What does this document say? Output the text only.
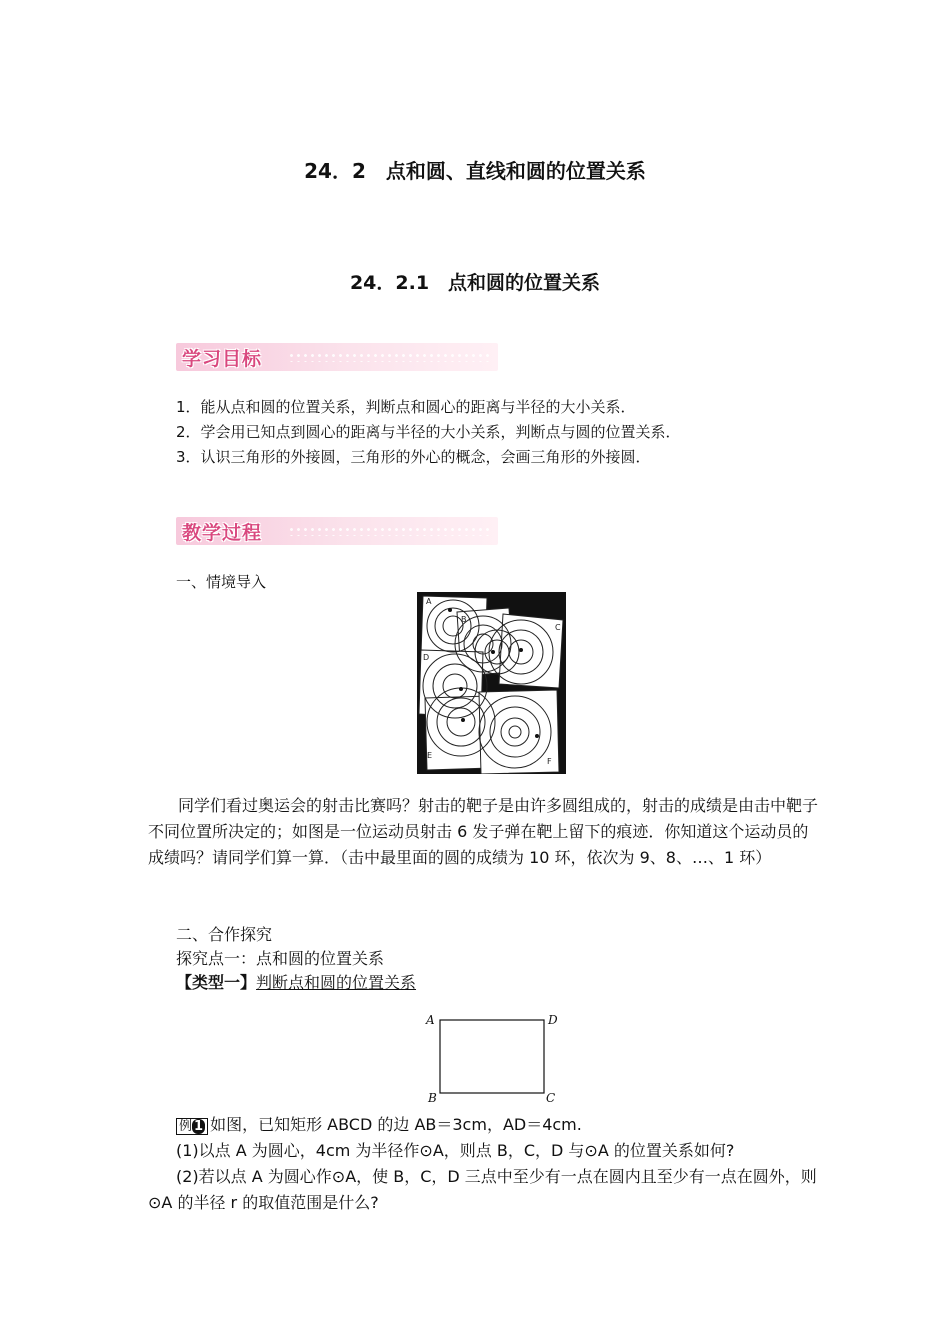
24．2　点和圆、直线和圆的位置关系
24．2.1　点和圆的位置关系
学习目标
1．能从点和圆的位置关系，判断点和圆心的距离与半径的大小关系．
2．学会用已知点到圆心的距离与半径的大小关系，判断点与圆的位置关系．
3．认识三角形的外接圆，三角形的外心的概念，会画三角形的外接圆．
教学过程
一、情境导入
A
B
C
D
E
F

同学们看过奥运会的射击比赛吗？射击的靶子是由许多圆组成的，射击的成绩是由击中靶子不同位置所决定的；如图是一位运动员射击 6 发子弹在靶上留下的痕迹．你知道这个运动员的成绩吗？请同学们算一算．（击中最里面的圆的成绩为 10 环，依次为 9、8、…、1 环）

二、合作探究
探究点一：点和圆的位置关系
【类型一】判断点和圆的位置关系
A	D
B	C
例 1 如图，已知矩形 ABCD 的边 AB＝3cm，AD＝4cm.
(1)以点 A 为圆心，4cm 为半径作⊙A，则点 B，C，D 与⊙A 的位置关系如何?
(2)若以点 A 为圆心作⊙A，使 B，C，D 三点中至少有一点在圆内且至少有一点在圆外，则⊙A 的半径 r 的取值范围是什么?
